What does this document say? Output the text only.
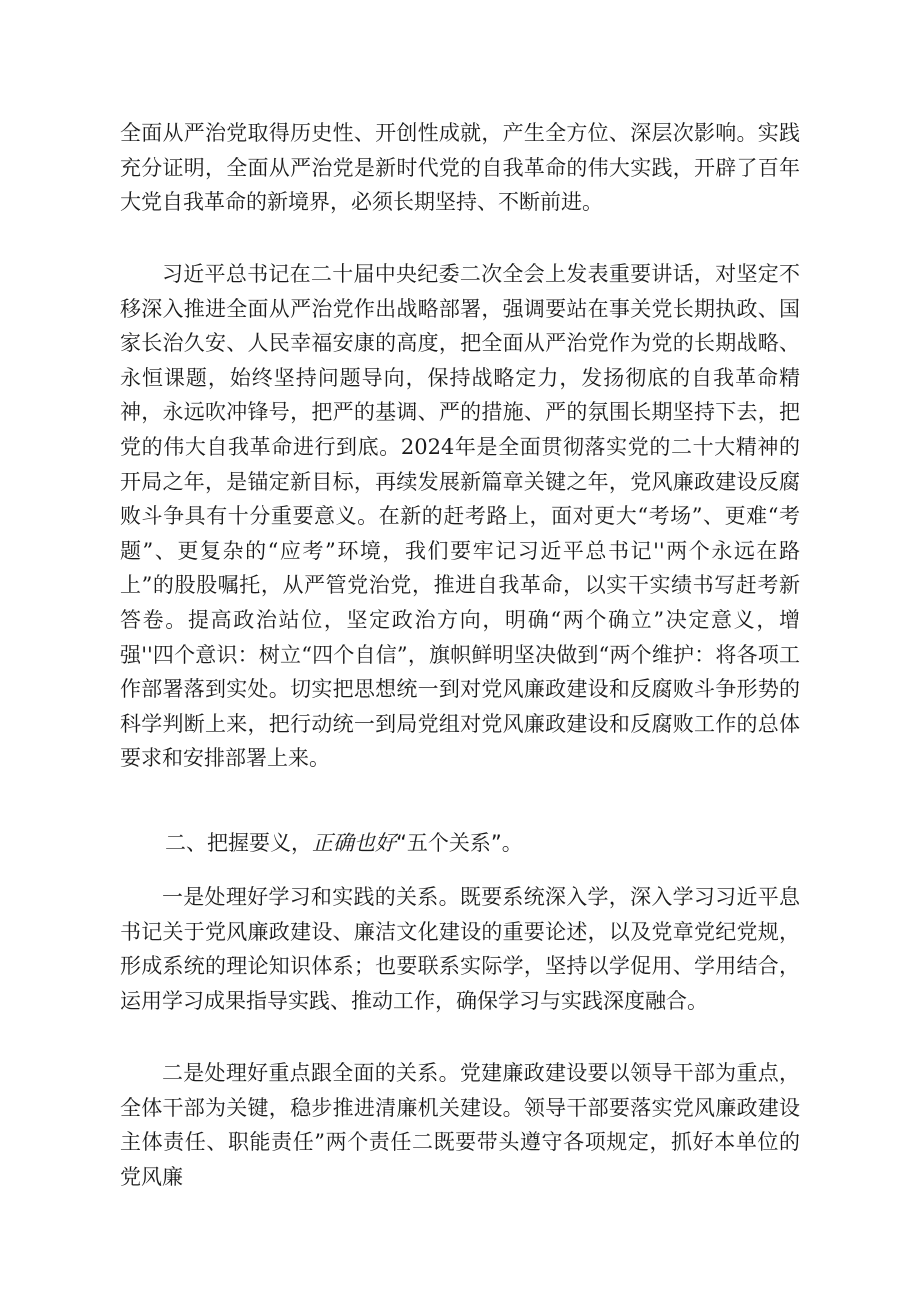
全面从严治党取得历史性、开创性成就，产生全方位、深层次影响。实践充分证明，全面从严治党是新时代党的自我革命的伟大实践，开辟了百年大党自我革命的新境界，必须长期坚持、不断前进。

习近平总书记在二十届中央纪委二次全会上发表重要讲话，对坚定不移深入推进全面从严治党作出战略部署，强调要站在事关党长期执政、国家长治久安、人民幸福安康的高度，把全面从严治党作为党的长期战略、永恒课题，始终坚持问题导向，保持战略定力，发扬彻底的自我革命精神，永远吹冲锋号，把严的基调、严的措施、严的氛围长期坚持下去，把党的伟大自我革命进行到底。2024年是全面贯彻落实党的二十大精神的开局之年，是锚定新目标，再续发展新篇章关键之年，党风廉政建设反腐败斗争具有十分重要意义。在新的赶考路上，面对更大“考场”、更难“考题”、更复杂的“应考”环境，我们要牢记习近平总书记''两个永远在路上”的股股嘱托，从严管党治党，推进自我革命，以实干实绩书写赶考新答卷。提高政治站位，坚定政治方向，明确“两个确立”决定意义，增强''四个意识：树立“四个自信”，旗帜鲜明坚决做到“两个维护：将各项工作部署落到实处。切实把思想统一到对党风廉政建设和反腐败斗争形势的科学判断上来，把行动统一到局党组对党风廉政建设和反腐败工作的总体要求和安排部署上来。

二、把握要义，正确也好“五个关系”。

一是处理好学习和实践的关系。既要系统深入学，深入学习习近平息书记关于党风廉政建设、廉洁文化建设的重要论述，以及党章党纪党规，形成系统的理论知识体系；也要联系实际学，坚持以学促用、学用结合，运用学习成果指导实践、推动工作，确保学习与实践深度融合。

二是处理好重点跟全面的关系。党建廉政建设要以领导干部为重点，全体干部为关键，稳步推进清廉机关建设。领导干部要落实党风廉政建设主体责任、职能责任”两个责任二既要带头遵守各项规定，抓好本单位的党风廉
